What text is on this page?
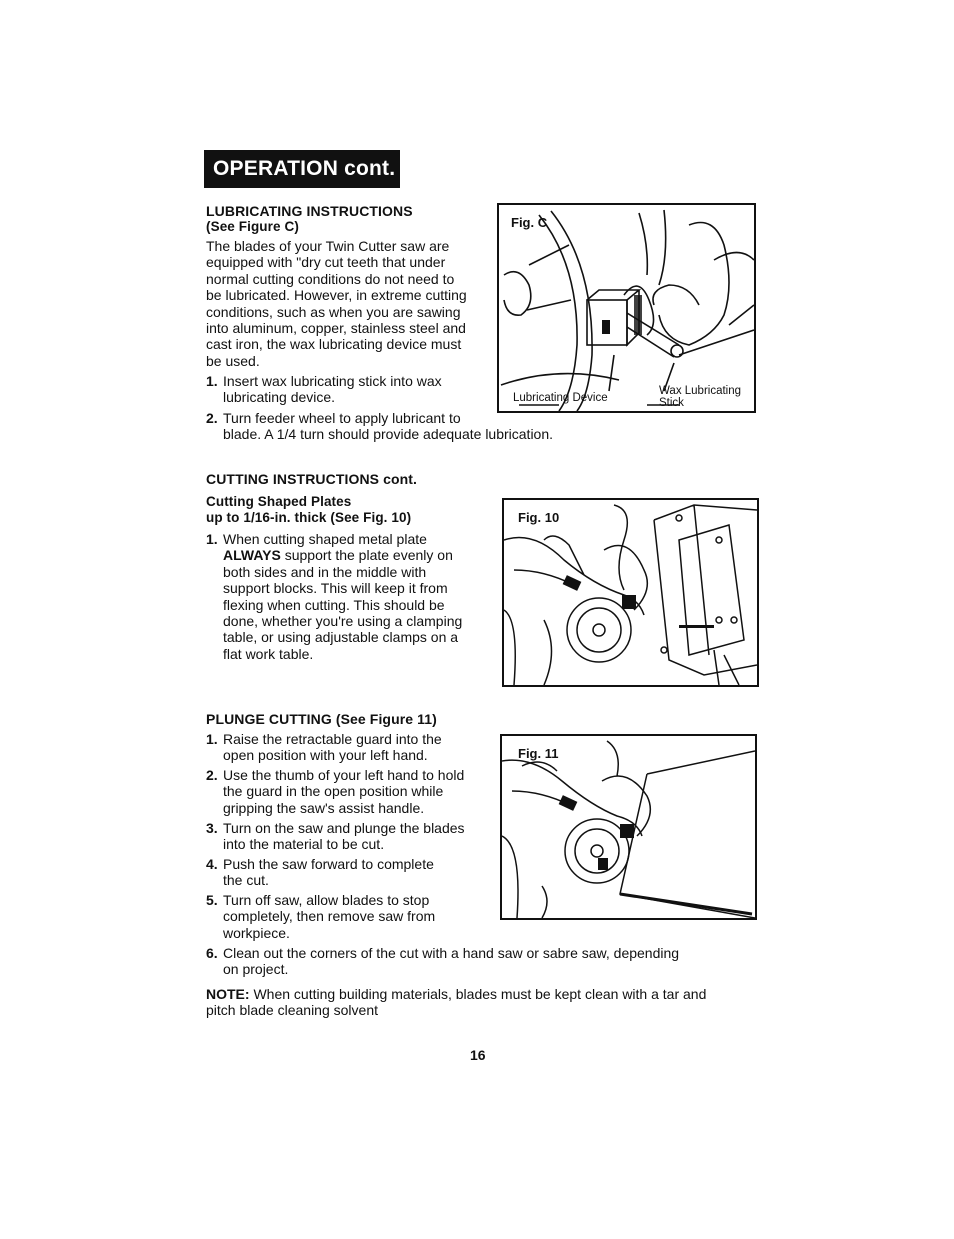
OPERATION cont.
LUBRICATING INSTRUCTIONS
(See Figure C)
The blades of your Twin Cutter saw are
equipped with "dry cut teeth that under
normal cutting conditions do not need to
be lubricated. However, in extreme cutting
conditions, such as when you are sawing
into aluminum, copper, stainless steel and
cast iron, the wax lubricating device must
be used.
1. Insert wax lubricating stick into wax
lubricating device.
2. Turn feeder wheel to apply lubricant to
blade. A 1/4 turn should provide adequate lubrication.
Fig. C
Lubricating Device
Wax Lubricating
Stick
CUTTING INSTRUCTIONS cont.
Cutting Shaped Plates
up to 1/16-in. thick (See Fig. 10)
1. When cutting shaped metal plate
ALWAYS support the plate evenly on
both sides and in the middle with
support blocks. This will keep it from
flexing when cutting. This should be
done, whether you're using a clamping
table, or using adjustable clamps on a
flat work table.
Fig. 10
PLUNGE CUTTING (See Figure 11)
1. Raise the retractable guard into the
open position with your left hand.
2. Use the thumb of your left hand to hold
the guard in the open position while
gripping the saw's assist handle.
3. Turn on the saw and plunge the blades
into the material to be cut.
4. Push the saw forward to complete
the cut.
5. Turn off saw, allow blades to stop
completely, then remove saw from
workpiece.
6. Clean out the corners of the cut with a hand saw or sabre saw, depending
on project.
NOTE: When cutting building materials, blades must be kept clean with a tar and
pitch blade cleaning solvent
Fig. 11
16
